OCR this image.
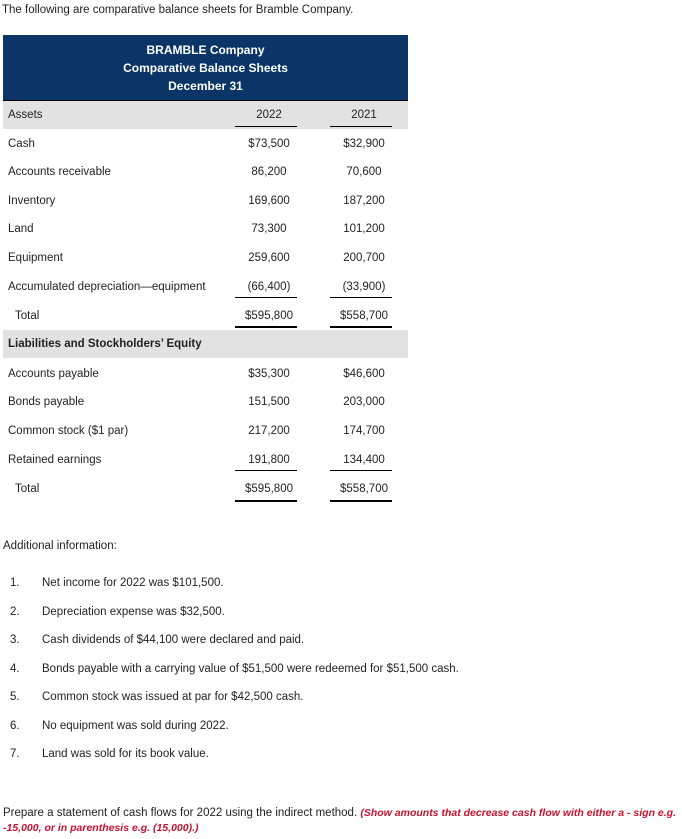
The following are comparative balance sheets for Bramble Company.
BRAMBLE Company
Comparative Balance Sheets
December 31
Assets	2022	2021
Cash	$73,500	$32,900
Accounts receivable	86,200	70,600
Inventory	169,600	187,200
Land	73,300	101,200
Equipment	259,600	200,700
Accumulated depreciation—equipment	(66,400)	(33,900)
Total	$595,800	$558,700
Liabilities and Stockholders’ Equity
Accounts payable	$35,300	$46,600
Bonds payable	151,500	203,000
Common stock ($1 par)	217,200	174,700
Retained earnings	191,800	134,400
Total	$595,800	$558,700
Additional information:
1. Net income for 2022 was $101,500.
2. Depreciation expense was $32,500.
3. Cash dividends of $44,100 were declared and paid.
4. Bonds payable with a carrying value of $51,500 were redeemed for $51,500 cash.
5. Common stock was issued at par for $42,500 cash.
6. No equipment was sold during 2022.
7. Land was sold for its book value.
Prepare a statement of cash flows for 2022 using the indirect method. (Show amounts that decrease cash flow with either a - sign e.g. -15,000, or in parenthesis e.g. (15,000).)
